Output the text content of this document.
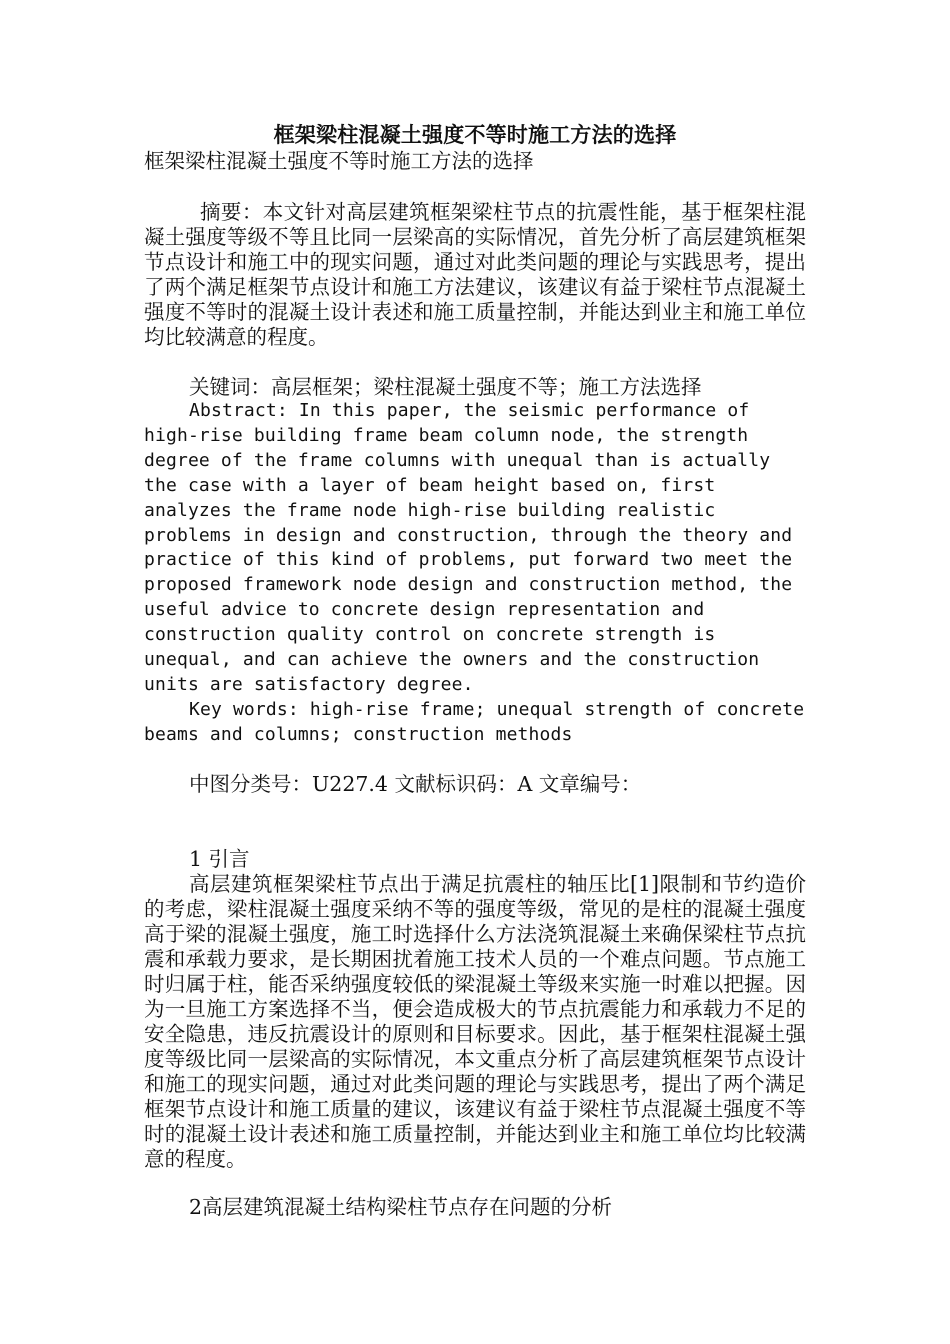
框架梁柱混凝土强度不等时施工方法的选择
框架梁柱混凝土强度不等时施工方法的选择
摘要：本文针对高层建筑框架梁柱节点的抗震性能，基于框架柱混凝土强度等级不等且比同一层梁高的实际情况，首先分析了高层建筑框架节点设计和施工中的现实问题，通过对此类问题的理论与实践思考，提出了两个满足框架节点设计和施工方法建议，该建议有益于梁柱节点混凝土强度不等时的混凝土设计表述和施工质量控制，并能达到业主和施工单位均比较满意的程度。
关键词：高层框架；梁柱混凝土强度不等；施工方法选择
Abstract: In this paper, the seismic performance of high-rise building frame beam column node, the strength degree of the frame columns with unequal than is actually the case with a layer of beam height based on, first analyzes the frame node high-rise building realistic problems in design and construction, through the theory and practice of this kind of problems, put forward two meet the proposed framework node design and construction method, the useful advice to concrete design representation and construction quality control on concrete strength is unequal, and can achieve the owners and the construction units are satisfactory degree.
Key words: high-rise frame; unequal strength of concrete beams and columns; construction methods
中图分类号：U227.4 文献标识码：A 文章编号：
1 引言
高层建筑框架梁柱节点出于满足抗震柱的轴压比[1]限制和节约造价的考虑，梁柱混凝土强度采纳不等的强度等级，常见的是柱的混凝土强度高于梁的混凝土强度，施工时选择什么方法浇筑混凝土来确保梁柱节点抗震和承载力要求，是长期困扰着施工技术人员的一个难点问题。节点施工时归属于柱，能否采纳强度较低的梁混凝土等级来实施一时难以把握。因为一旦施工方案选择不当，便会造成极大的节点抗震能力和承载力不足的安全隐患，违反抗震设计的原则和目标要求。因此，基于框架柱混凝土强度等级比同一层梁高的实际情况，本文重点分析了高层建筑框架节点设计和施工的现实问题，通过对此类问题的理论与实践思考，提出了两个满足框架节点设计和施工质量的建议，该建议有益于梁柱节点混凝土强度不等时的混凝土设计表述和施工质量控制，并能达到业主和施工单位均比较满意的程度。
2高层建筑混凝土结构梁柱节点存在问题的分析
